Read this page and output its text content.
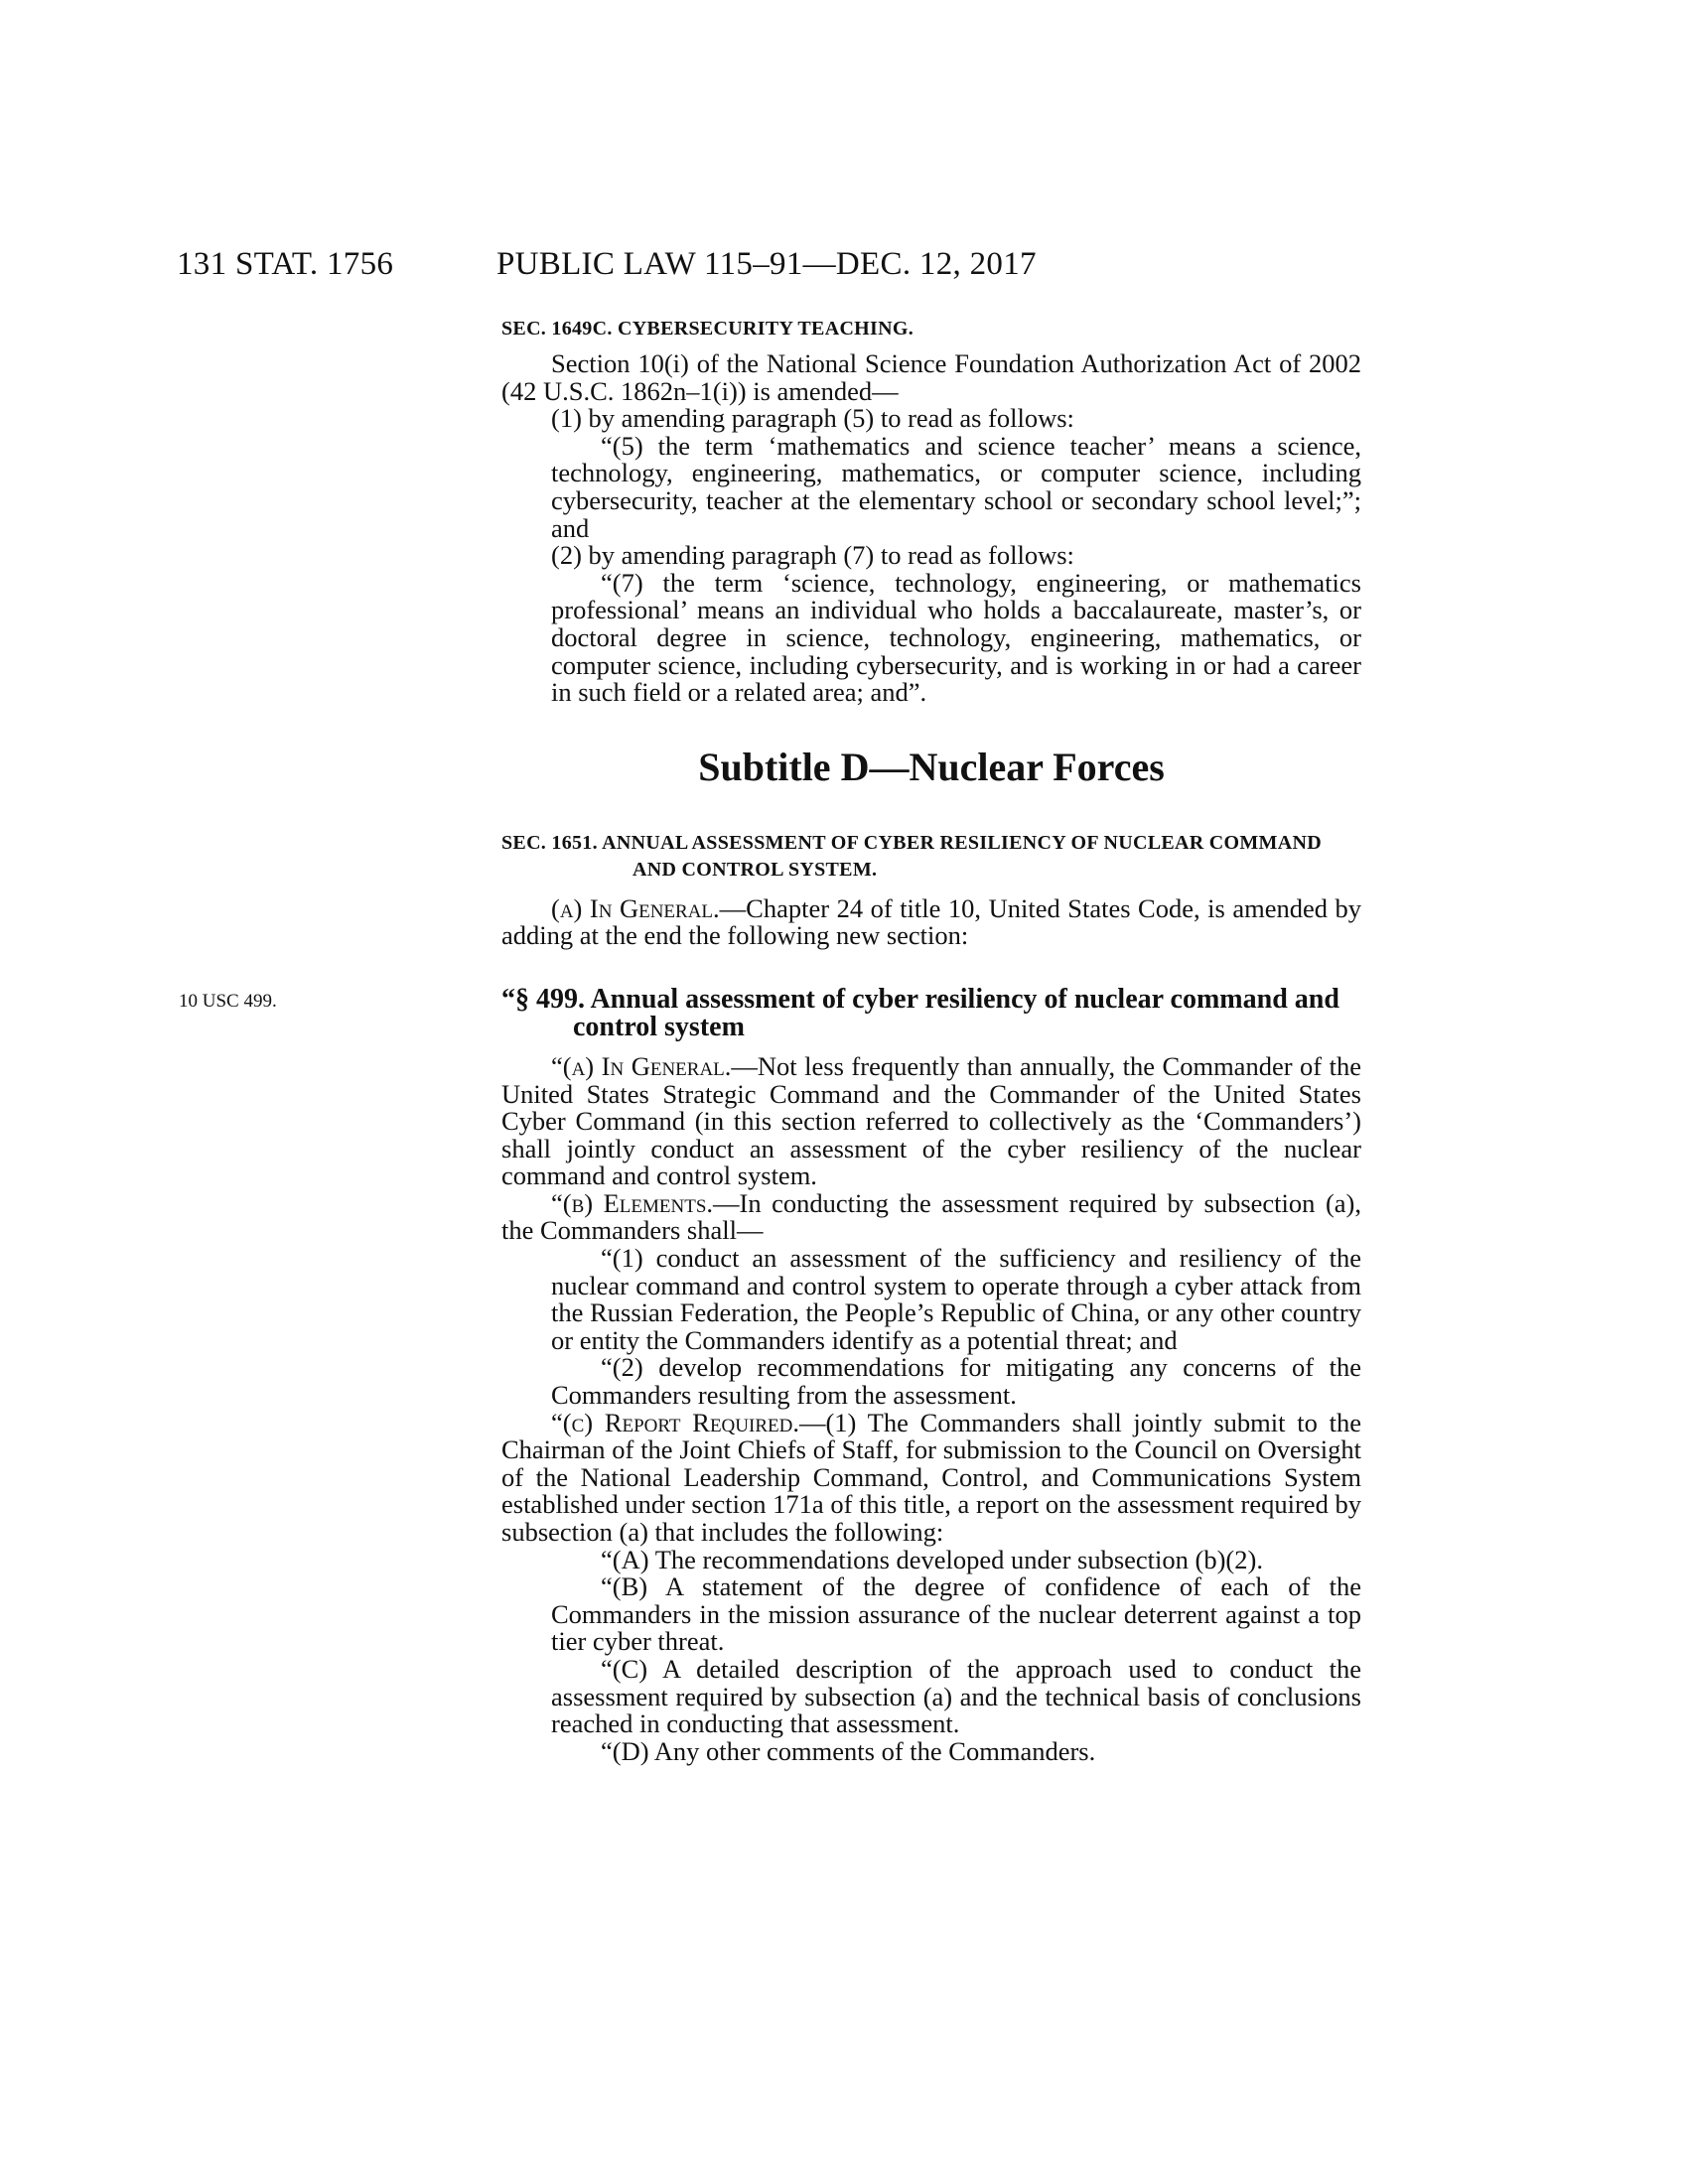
131 STAT. 1756	PUBLIC LAW 115–91—DEC. 12, 2017
SEC. 1649C. CYBERSECURITY TEACHING.

Section 10(i) of the National Science Foundation Authorization Act of 2002 (42 U.S.C. 1862n–1(i)) is amended—

(1) by amending paragraph (5) to read as follows:

“(5) the term ‘mathematics and science teacher’ means a science, technology, engineering, mathematics, or computer science, including cybersecurity, teacher at the elementary school or secondary school level;”; and

(2) by amending paragraph (7) to read as follows:

“(7) the term ‘science, technology, engineering, or mathematics professional’ means an individual who holds a baccalaureate, master’s, or doctoral degree in science, technology, engineering, mathematics, or computer science, including cybersecurity, and is working in or had a career in such field or a related area; and”.

Subtitle D—Nuclear Forces
SEC. 1651. ANNUAL ASSESSMENT OF CYBER RESILIENCY OF NUCLEAR COMMAND AND CONTROL SYSTEM.

(a) In General.—Chapter 24 of title 10, United States Code, is amended by adding at the end the following new section:

“§ 499. Annual assessment of cyber resiliency of nuclear command and control system

“(a) In General.—Not less frequently than annually, the Commander of the United States Strategic Command and the Commander of the United States Cyber Command (in this section referred to collectively as the ‘Commanders’) shall jointly conduct an assessment of the cyber resiliency of the nuclear command and control system.

“(b) Elements.—In conducting the assessment required by subsection (a), the Commanders shall—

“(1) conduct an assessment of the sufficiency and resiliency of the nuclear command and control system to operate through a cyber attack from the Russian Federation, the People’s Republic of China, or any other country or entity the Commanders identify as a potential threat; and

“(2) develop recommendations for mitigating any concerns of the Commanders resulting from the assessment.

“(c) Report Required.—(1) The Commanders shall jointly submit to the Chairman of the Joint Chiefs of Staff, for submission to the Council on Oversight of the National Leadership Command, Control, and Communications System established under section 171a of this title, a report on the assessment required by subsection (a) that includes the following:

“(A) The recommendations developed under subsection (b)(2).

“(B) A statement of the degree of confidence of each of the Commanders in the mission assurance of the nuclear deterrent against a top tier cyber threat.

“(C) A detailed description of the approach used to conduct the assessment required by subsection (a) and the technical basis of conclusions reached in conducting that assessment.

“(D) Any other comments of the Commanders.

10 USC 499.
